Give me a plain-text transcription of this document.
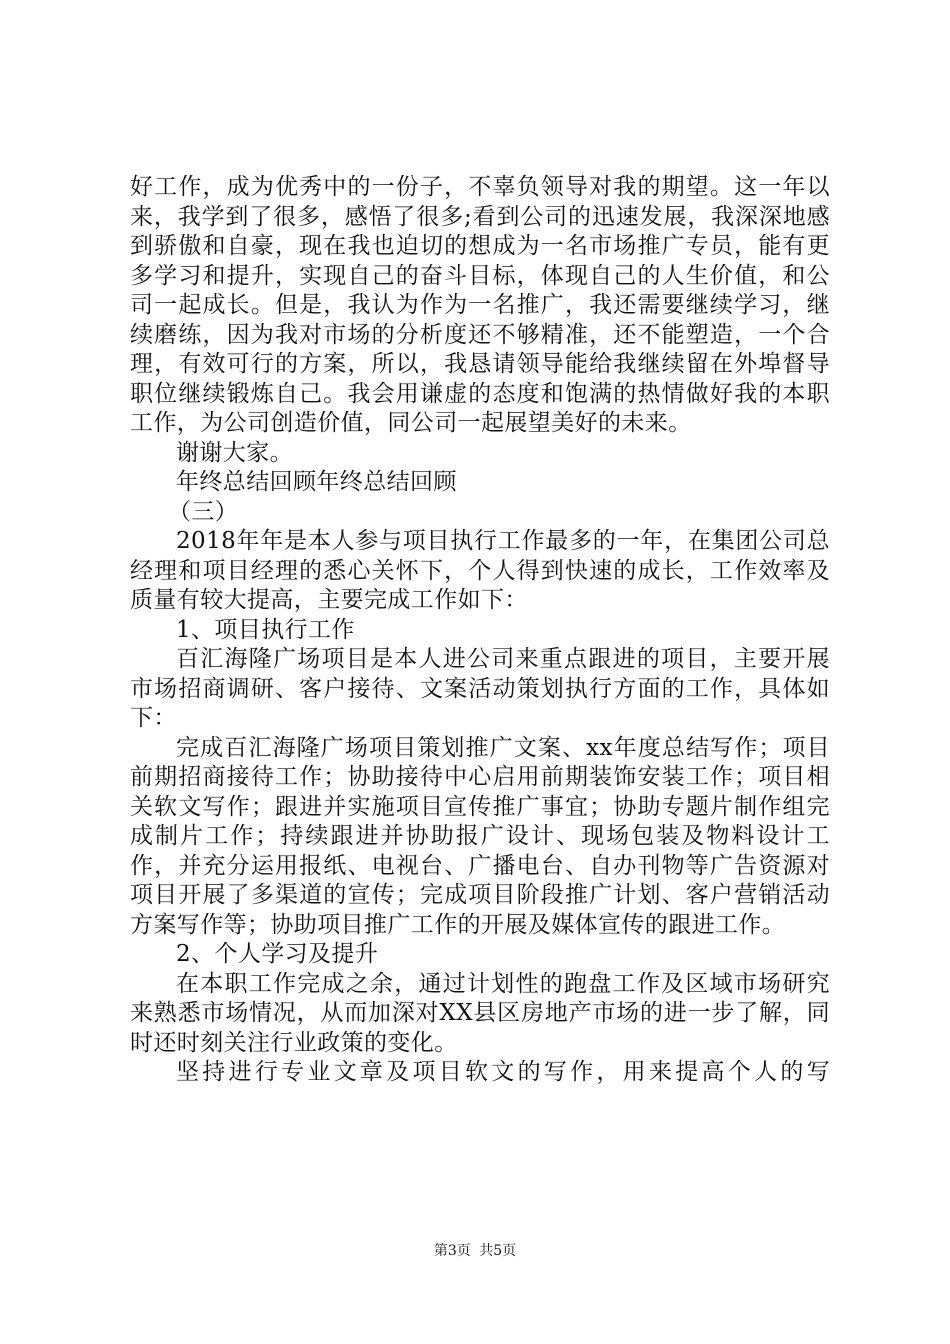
好工作，成为优秀中的一份子，不辜负领导对我的期望。这一年以来，我学到了很多，感悟了很多;看到公司的迅速发展，我深深地感到骄傲和自豪，现在我也迫切的想成为一名市场推广专员，能有更多学习和提升，实现自己的奋斗目标，体现自己的人生价值，和公司一起成长。但是，我认为作为一名推广，我还需要继续学习，继续磨练，因为我对市场的分析度还不够精准，还不能塑造，一个合理，有效可行的方案，所以，我恳请领导能给我继续留在外埠督导职位继续锻炼自己。我会用谦虚的态度和饱满的热情做好我的本职工作，为公司创造价值，同公司一起展望美好的未来。

谢谢大家。

年终总结回顾年终总结回顾

（三）

2018年年是本人参与项目执行工作最多的一年，在集团公司总经理和项目经理的悉心关怀下，个人得到快速的成长，工作效率及质量有较大提高，主要完成工作如下：

1、项目执行工作

百汇海隆广场项目是本人进公司来重点跟进的项目，主要开展市场招商调研、客户接待、文案活动策划执行方面的工作，具体如下：

完成百汇海隆广场项目策划推广文案、xx年度总结写作；项目前期招商接待工作；协助接待中心启用前期装饰安装工作；项目相关软文写作；跟进并实施项目宣传推广事宜；协助专题片制作组完成制片工作；持续跟进并协助报广设计、现场包装及物料设计工作，并充分运用报纸、电视台、广播电台、自办刊物等广告资源对项目开展了多渠道的宣传；完成项目阶段推广计划、客户营销活动方案写作等；协助项目推广工作的开展及媒体宣传的跟进工作。

2、个人学习及提升

在本职工作完成之余，通过计划性的跑盘工作及区域市场研究来熟悉市场情况，从而加深对XX县区房地产市场的进一步了解，同时还时刻关注行业政策的变化。

坚持进行专业文章及项目软文的写作，用来提高个人的写

第3页 共5页
